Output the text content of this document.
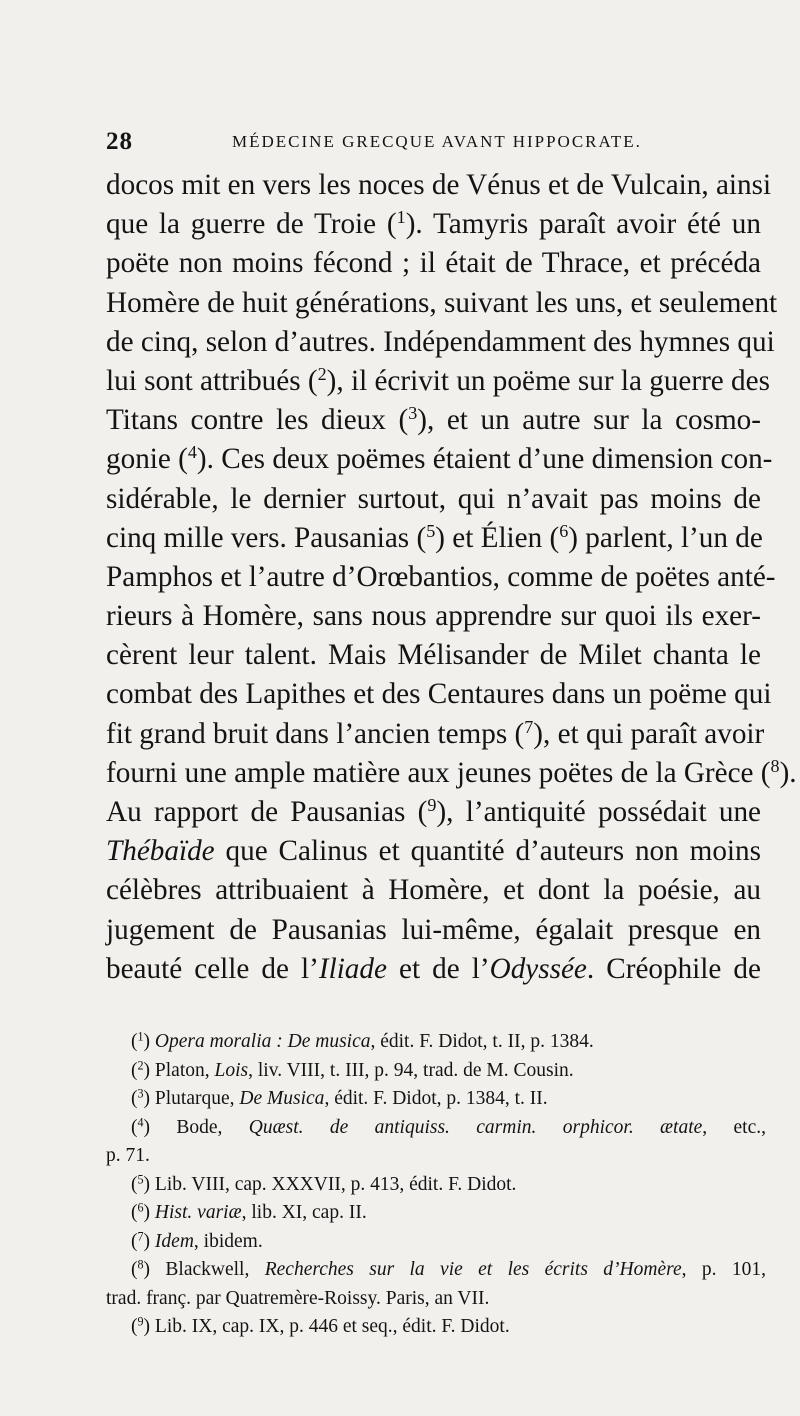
28	MÉDECINE GRECQUE AVANT HIPPOCRATE.
docos mit en vers les noces de Vénus et de Vulcain, ainsi
que la guerre de Troie ($^1$). Tamyris paraît avoir été un
poëte non moins fécond ; il était de Thrace, et précéda
Homère de huit générations, suivant les uns, et seulement
de cinq, selon d’autres. Indépendamment des hymnes qui
lui sont attribués ($^2$), il écrivit un poëme sur la guerre des
Titans contre les dieux ($^3$), et un autre sur la cosmo-
gonie ($^4$). Ces deux poëmes étaient d’une dimension con-
sidérable, le dernier surtout, qui n’avait pas moins de
cinq mille vers. Pausanias ($^5$) et Élien ($^6$) parlent, l’un de
Pamphos et l’autre d’Orœbantios, comme de poëtes anté-
rieurs à Homère, sans nous apprendre sur quoi ils exer-
cèrent leur talent. Mais Mélisander de Milet chanta le
combat des Lapithes et des Centaures dans un poëme qui
fit grand bruit dans l’ancien temps ($^7$), et qui paraît avoir
fourni une ample matière aux jeunes poëtes de la Grèce ($^8$).
Au rapport de Pausanias ($^9$), l’antiquité possédait une
Thébaïde que Calinus et quantité d’auteurs non moins
célèbres attribuaient à Homère, et dont la poésie, au
jugement de Pausanias lui-même, égalait presque en
beauté celle de l’Iliade et de l’Odyssée. Créophile de
($^1$) Opera moralia : De musica, édit. F. Didot, t. II, p. 1384.
($^2$) Platon, Lois, liv. VIII, t. III, p. 94, trad. de M. Cousin.
($^3$) Plutarque, De Musica, édit. F. Didot, p. 1384, t. II.
($^4$) Bode, Quæst. de antiquiss. carmin. orphicor. ætate, etc.,
p. 71.
($^5$) Lib. VIII, cap. XXXVII, p. 413, édit. F. Didot.
($^6$) Hist. variæ, lib. XI, cap. II.
($^7$) Idem, ibidem.
($^8$) Blackwell, Recherches sur la vie et les écrits d’Homère, p. 101,
trad. franç. par Quatremère-Roissy. Paris, an VII.
($^9$) Lib. IX, cap. IX, p. 446 et seq., édit. F. Didot.
